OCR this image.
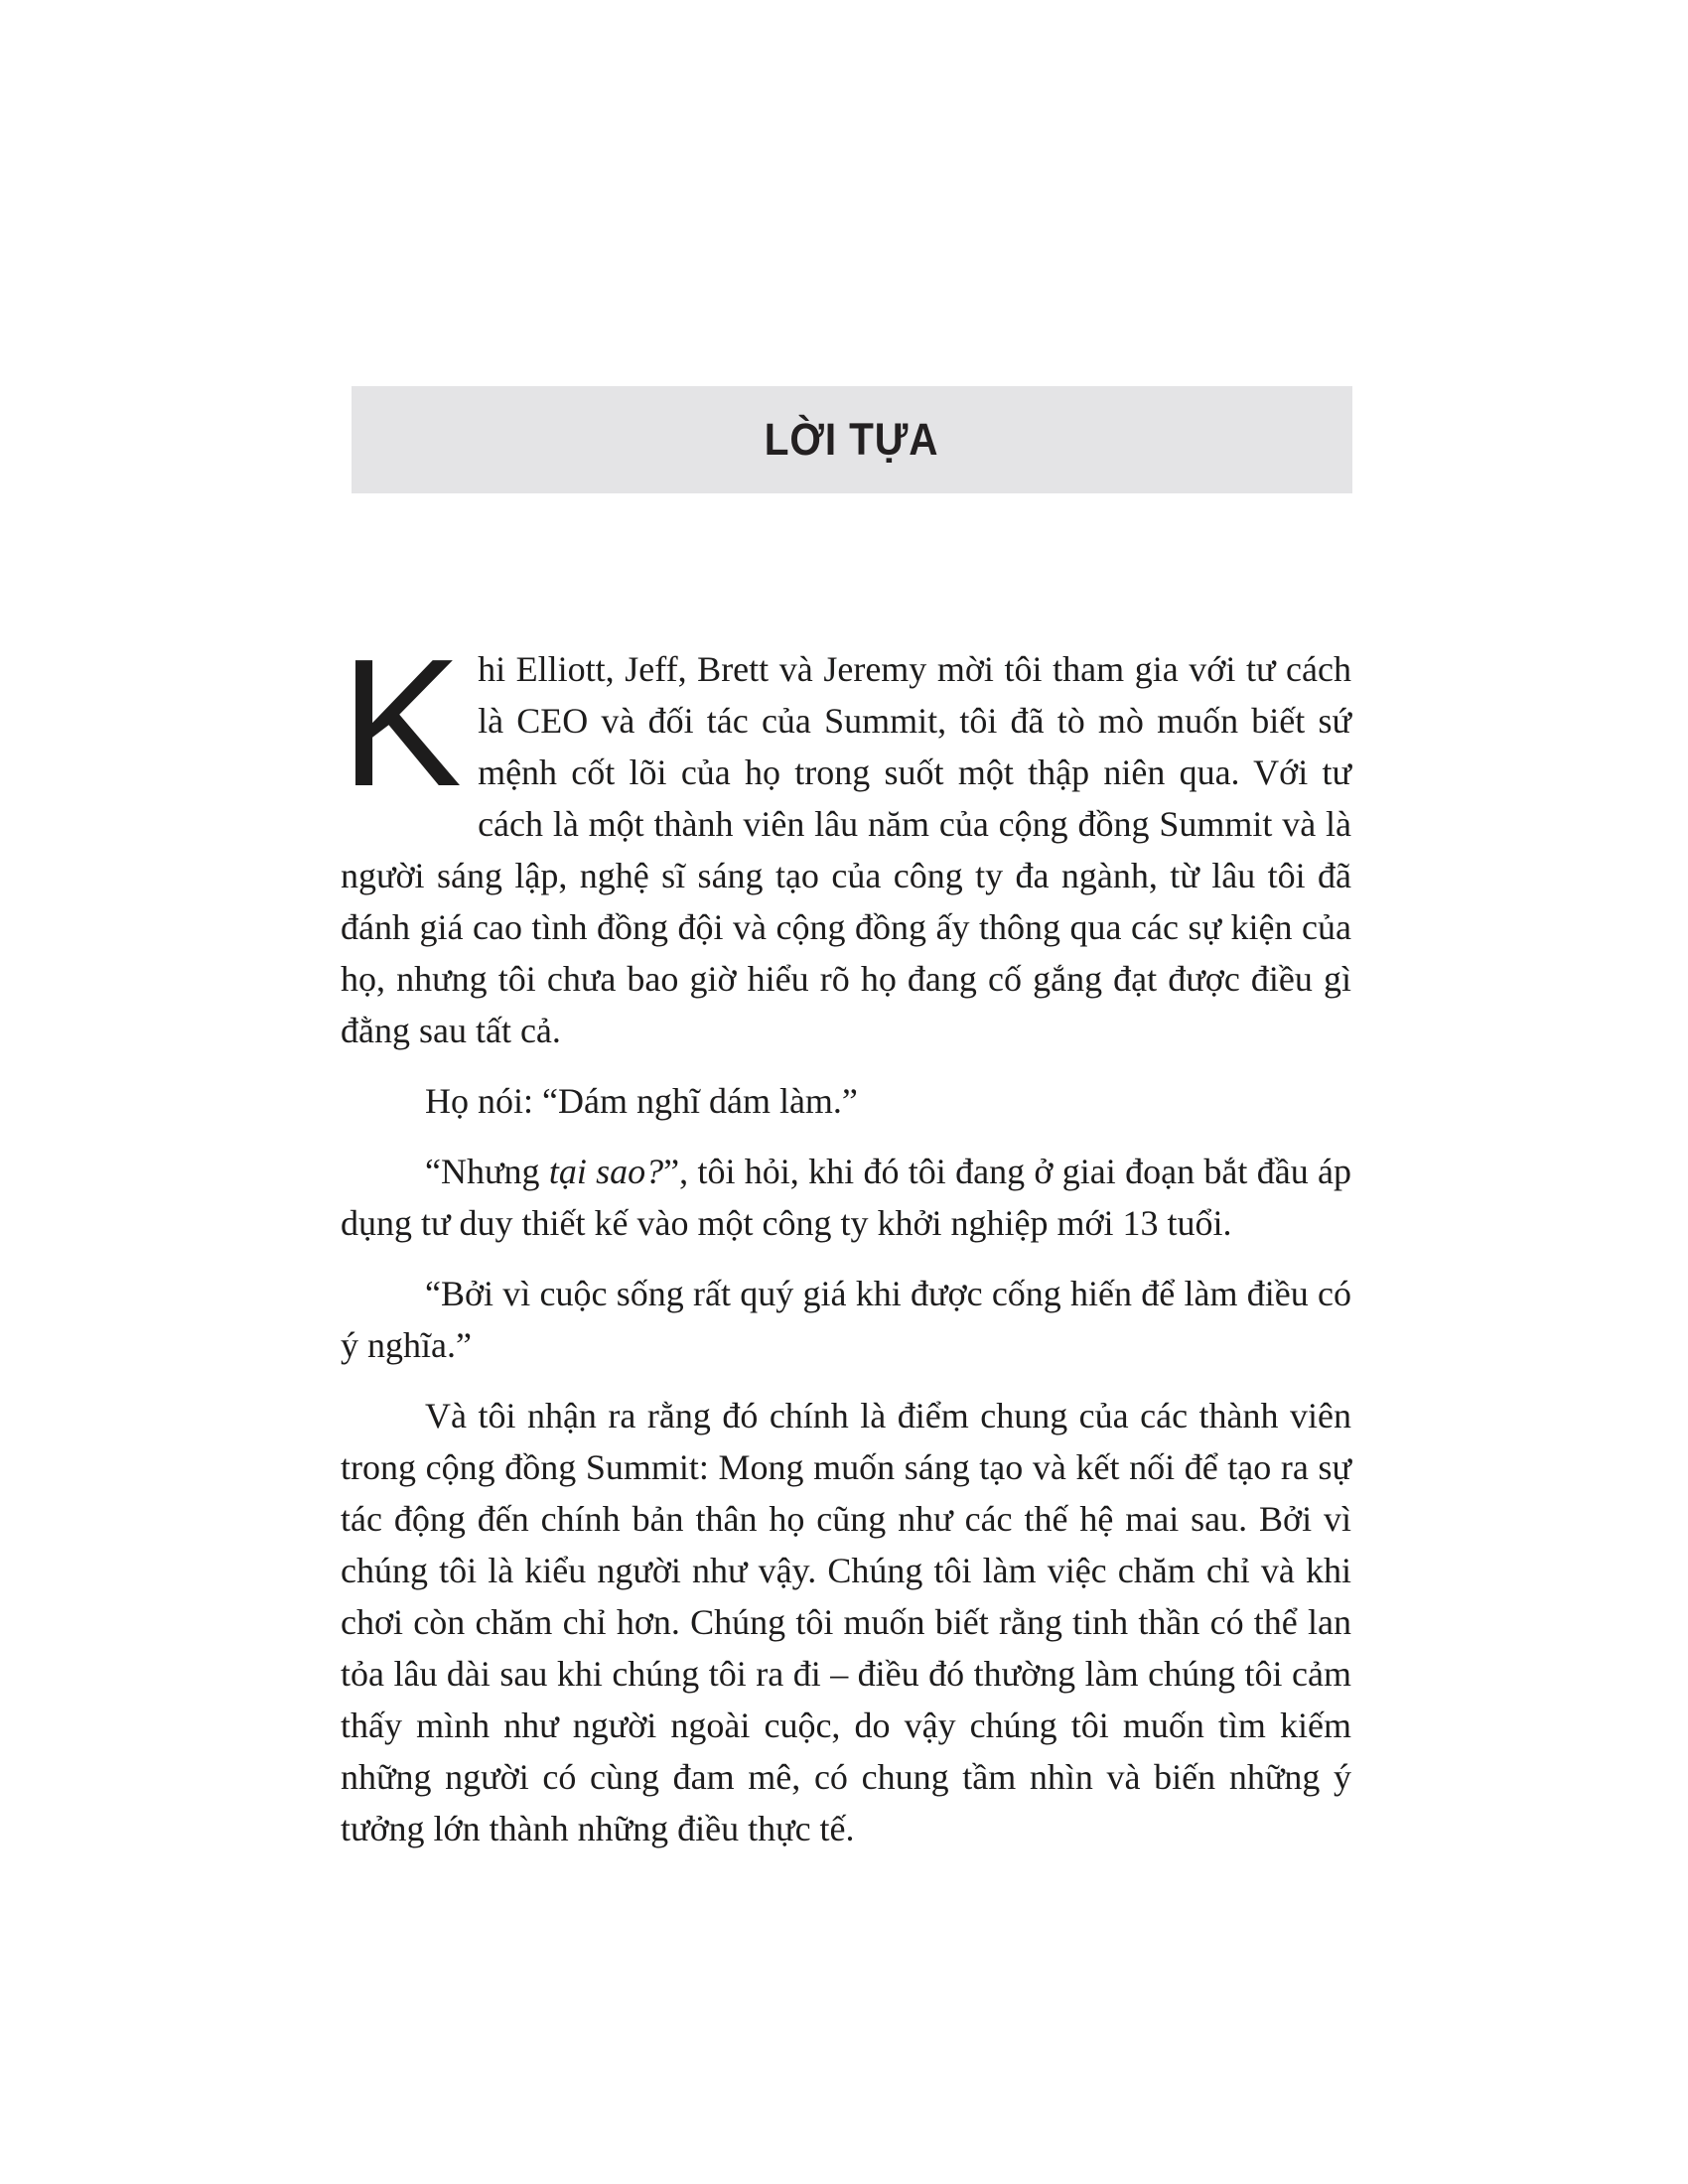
LỜI TỰA

Khi Elliott, Jeff, Brett và Jeremy mời tôi tham gia với tư cách là CEO và đối tác của Summit, tôi đã tò mò muốn biết sứ mệnh cốt lõi của họ trong suốt một thập niên qua. Với tư cách là một thành viên lâu năm của cộng đồng Summit và là người sáng lập, nghệ sĩ sáng tạo của công ty đa ngành, từ lâu tôi đã đánh giá cao tình đồng đội và cộng đồng ấy thông qua các sự kiện của họ, nhưng tôi chưa bao giờ hiểu rõ họ đang cố gắng đạt được điều gì đằng sau tất cả.

Họ nói: “Dám nghĩ dám làm.”

“Nhưng tại sao?”, tôi hỏi, khi đó tôi đang ở giai đoạn bắt đầu áp dụng tư duy thiết kế vào một công ty khởi nghiệp mới 13 tuổi.

“Bởi vì cuộc sống rất quý giá khi được cống hiến để làm điều có ý nghĩa.”

Và tôi nhận ra rằng đó chính là điểm chung của các thành viên trong cộng đồng Summit: Mong muốn sáng tạo và kết nối để tạo ra sự tác động đến chính bản thân họ cũng như các thế hệ mai sau. Bởi vì chúng tôi là kiểu người như vậy. Chúng tôi làm việc chăm chỉ và khi chơi còn chăm chỉ hơn. Chúng tôi muốn biết rằng tinh thần có thể lan tỏa lâu dài sau khi chúng tôi ra đi – điều đó thường làm chúng tôi cảm thấy mình như người ngoài cuộc, do vậy chúng tôi muốn tìm kiếm những người có cùng đam mê, có chung tầm nhìn và biến những ý tưởng lớn thành những điều thực tế.
